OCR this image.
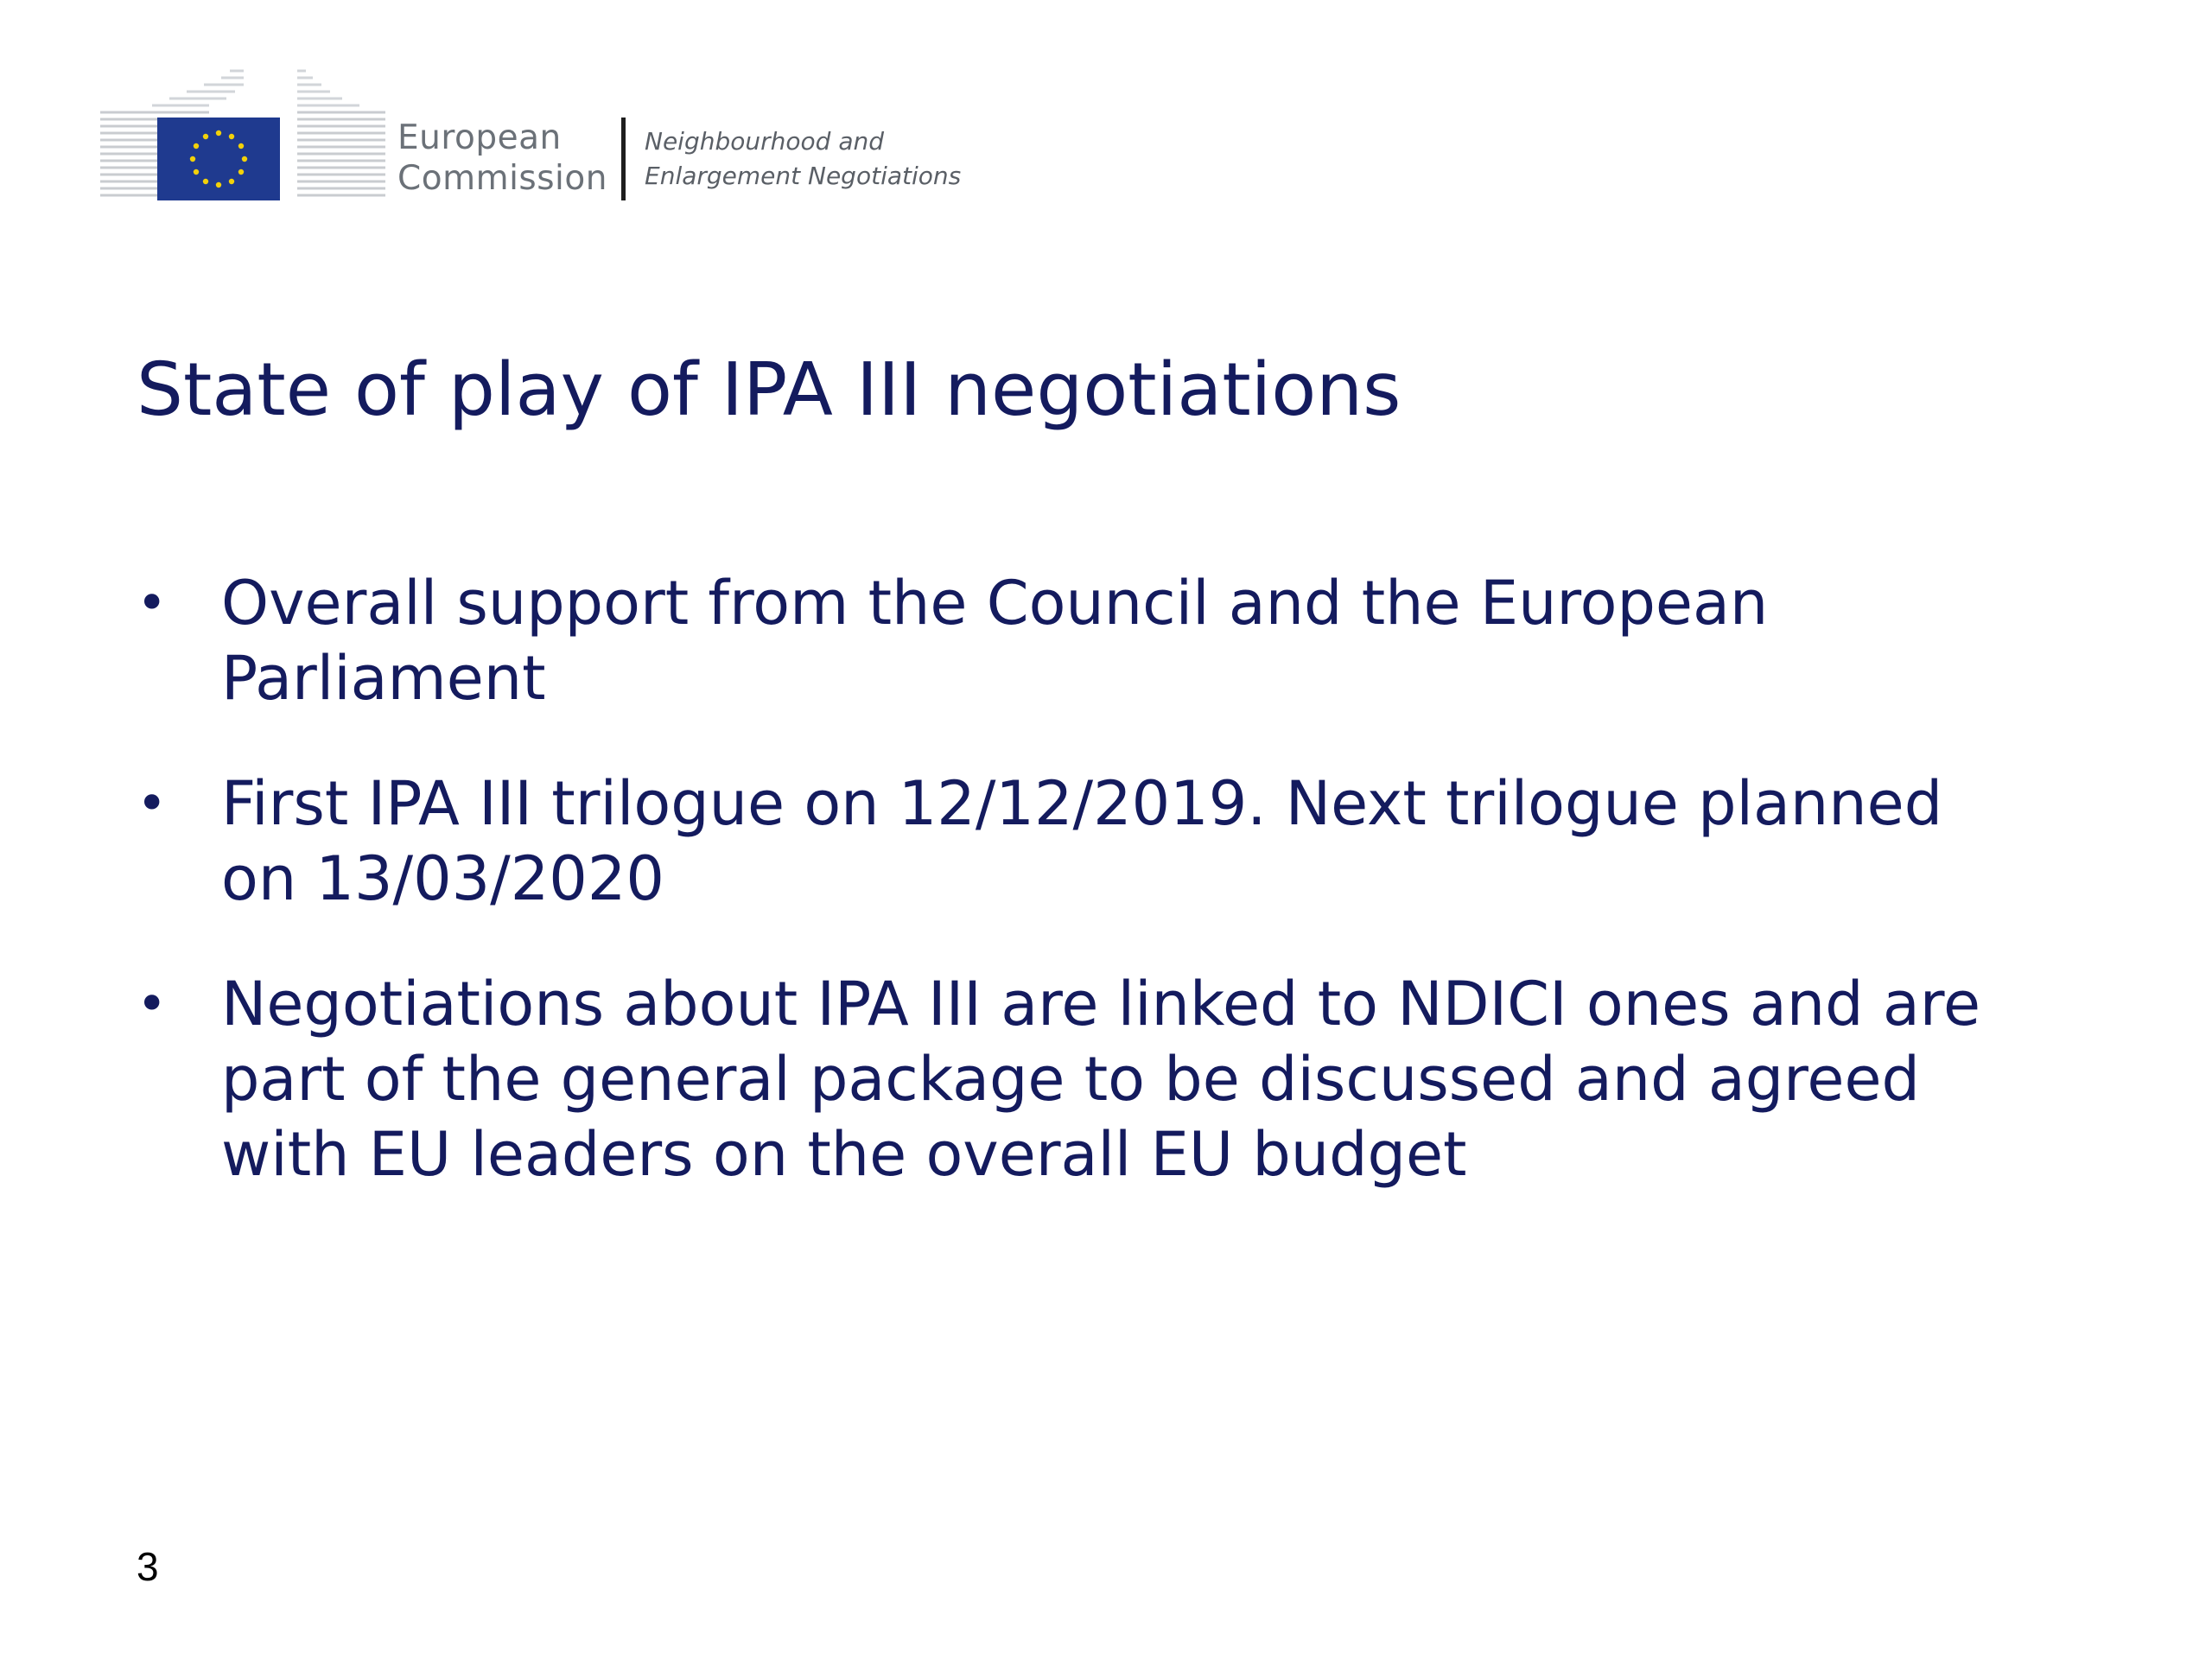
European
Commission
Neighbourhood and
Enlargement Negotiations
State of play of IPA III negotiations
• Overall support from the Council and the European
Parliament
• First IPA III trilogue on 12/12/2019. Next trilogue planned
on 13/03/2020
• Negotiations about IPA III are linked to NDICI ones and are
part of the general package to be discussed and agreed
with EU leaders on the overall EU budget
3
